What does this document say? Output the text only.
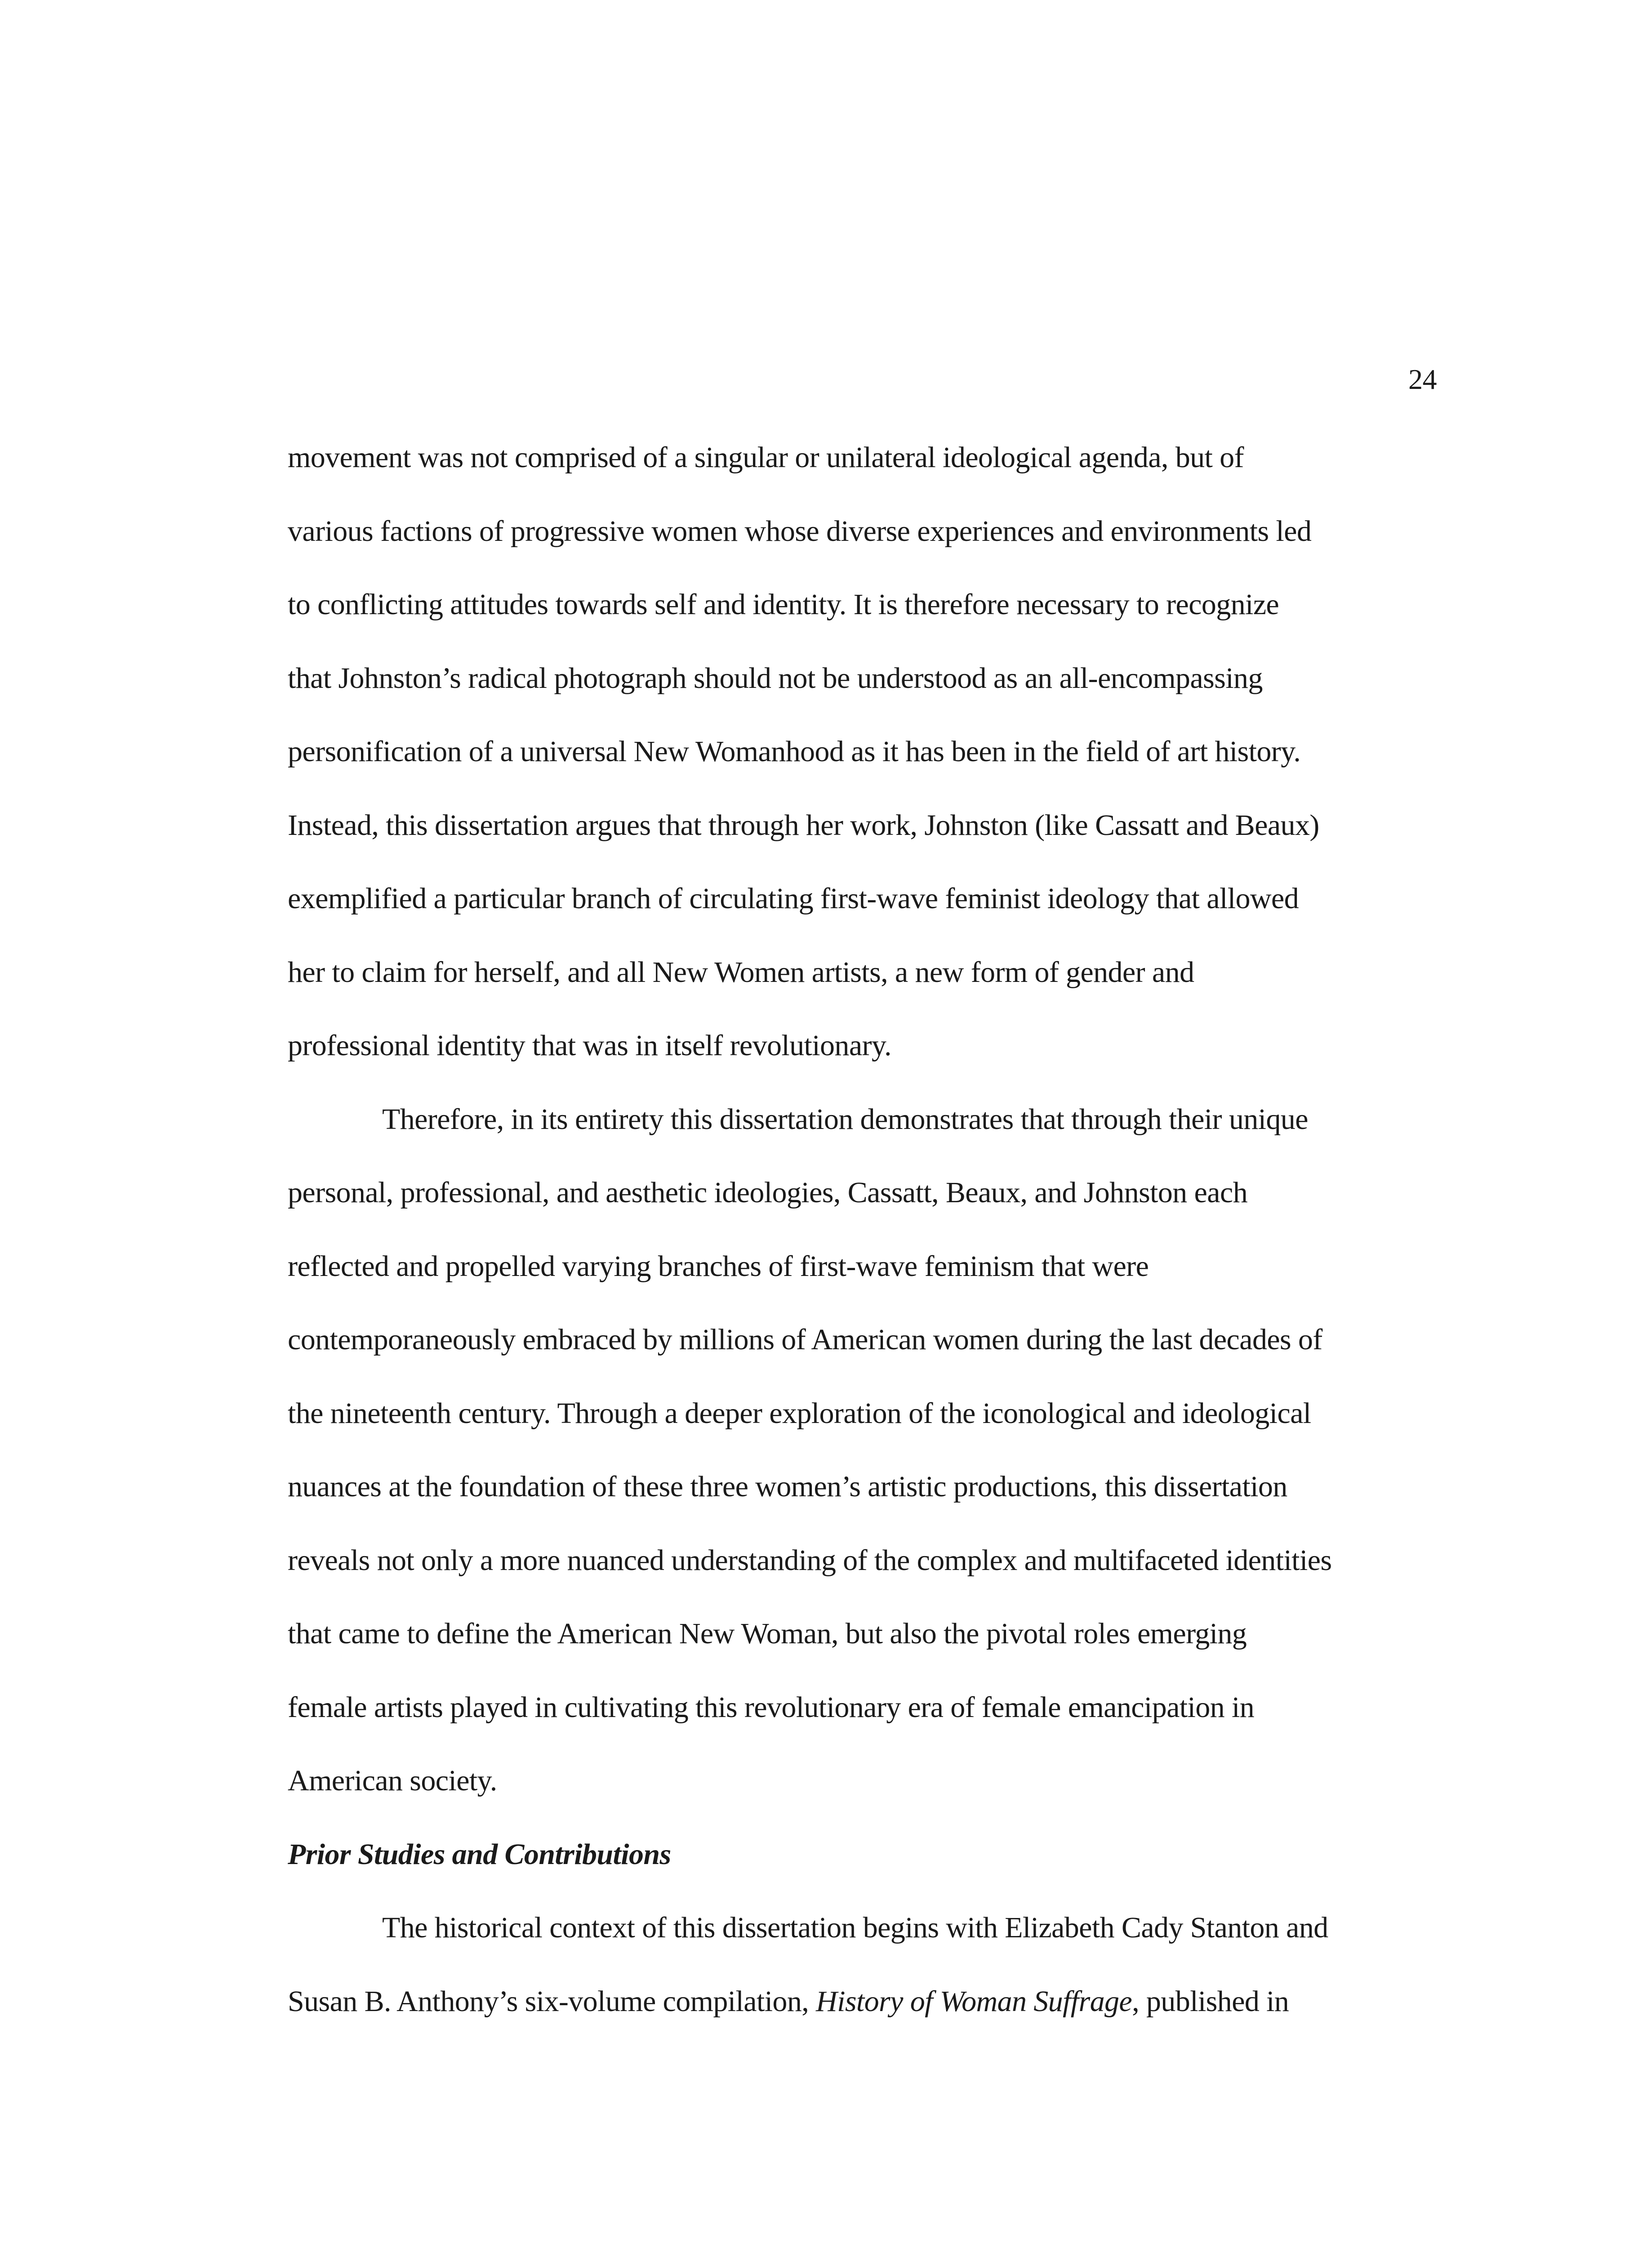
24
movement was not comprised of a singular or unilateral ideological agenda, but of
various factions of progressive women whose diverse experiences and environments led
to conflicting attitudes towards self and identity. It is therefore necessary to recognize
that Johnston’s radical photograph should not be understood as an all-encompassing
personification of a universal New Womanhood as it has been in the field of art history.
Instead, this dissertation argues that through her work, Johnston (like Cassatt and Beaux)
exemplified a particular branch of circulating first-wave feminist ideology that allowed
her to claim for herself, and all New Women artists, a new form of gender and
professional identity that was in itself revolutionary.
Therefore, in its entirety this dissertation demonstrates that through their unique
personal, professional, and aesthetic ideologies, Cassatt, Beaux, and Johnston each
reflected and propelled varying branches of first-wave feminism that were
contemporaneously embraced by millions of American women during the last decades of
the nineteenth century. Through a deeper exploration of the iconological and ideological
nuances at the foundation of these three women’s artistic productions, this dissertation
reveals not only a more nuanced understanding of the complex and multifaceted identities
that came to define the American New Woman, but also the pivotal roles emerging
female artists played in cultivating this revolutionary era of female emancipation in
American society.
Prior Studies and Contributions
The historical context of this dissertation begins with Elizabeth Cady Stanton and
Susan B. Anthony’s six-volume compilation, History of Woman Suffrage, published in
